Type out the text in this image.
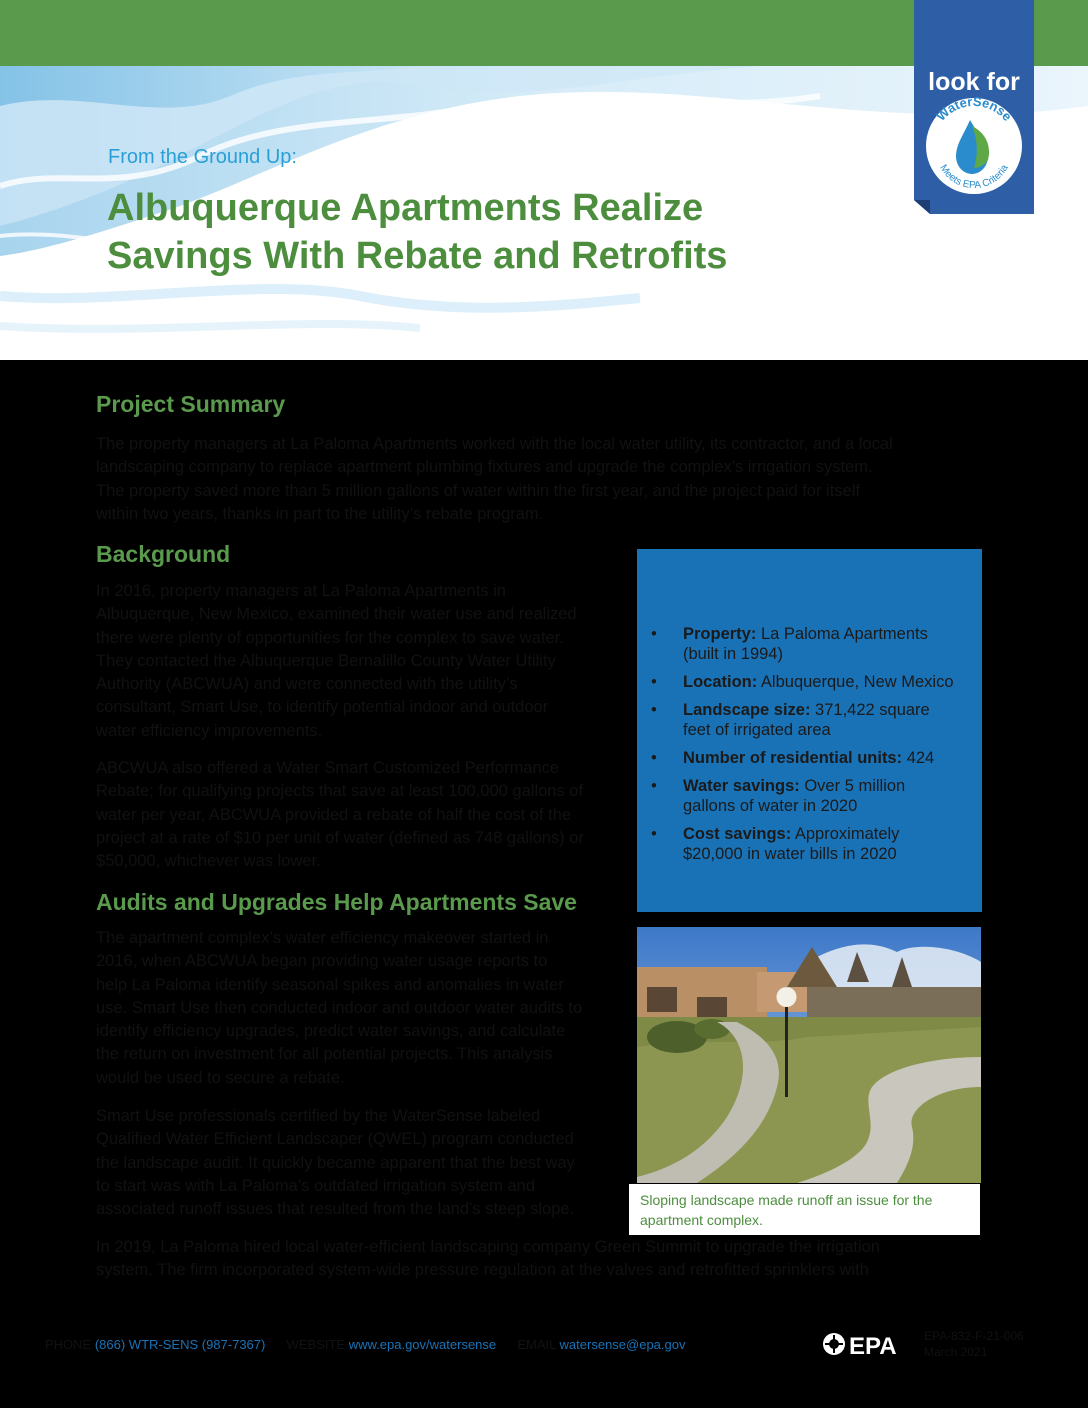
From the Ground Up:
Albuquerque Apartments Realize
Savings With Rebate and Retrofits
look for
WaterSense
Meets EPA Criteria
Project Summary
The property managers at La Paloma Apartments worked with the local water utility, its contractor, and a local
landscaping company to replace apartment plumbing fixtures and upgrade the complex’s irrigation system.
The property saved more than 5 million gallons of water within the first year, and the project paid for itself
within two years, thanks in part to the utility’s rebate program.
Background
In 2016, property managers at La Paloma Apartments in
Albuquerque, New Mexico, examined their water use and realized
there were plenty of opportunities for the complex to save water.
They contacted the Albuquerque Bernalillo County Water Utility
Authority (ABCWUA) and were connected with the utility’s
consultant, Smart Use, to identify potential indoor and outdoor
water efficiency improvements.
ABCWUA also offered a Water Smart Customized Performance
Rebate; for qualifying projects that save at least 100,000 gallons of
water per year, ABCWUA provided a rebate of half the cost of the
project at a rate of $10 per unit of water (defined as 748 gallons) or
$50,000, whichever was lower.
Audits and Upgrades Help Apartments Save
The apartment complex’s water efficiency makeover started in
2016, when ABCWUA began providing water usage reports to
help La Paloma identify seasonal spikes and anomalies in water
use. Smart Use then conducted indoor and outdoor water audits to
identify efficiency upgrades, predict water savings, and calculate
the return on investment for all potential projects. This analysis
would be used to secure a rebate.
Smart Use professionals certified by the WaterSense labeled
Qualified Water Efficient Landscaper (QWEL) program conducted
the landscape audit. It quickly became apparent that the best way
to start was with La Paloma’s outdated irrigation system and
associated runoff issues that resulted from the land’s steep slope.
In 2019, La Paloma hired local water-efficient landscaping company Green Summit to upgrade the irrigation
system. The firm incorporated system-wide pressure regulation at the valves and retrofitted sprinklers with
• Property: La Paloma Apartments (built in 1994)
• Location: Albuquerque, New Mexico
• Landscape size: 371,422 square feet of irrigated area
• Number of residential units: 424
• Water savings: Over 5 million gallons of water in 2020
• Cost savings: Approximately $20,000 in water bills in 2020
Sloping landscape made runoff an issue for the apartment complex.
PHONE (866) WTR-SENS (987-7367) WEBSITE www.epa.gov/watersense EMAIL watersense@epa.gov	EPA EPA-832-F-21-006
March 2021
